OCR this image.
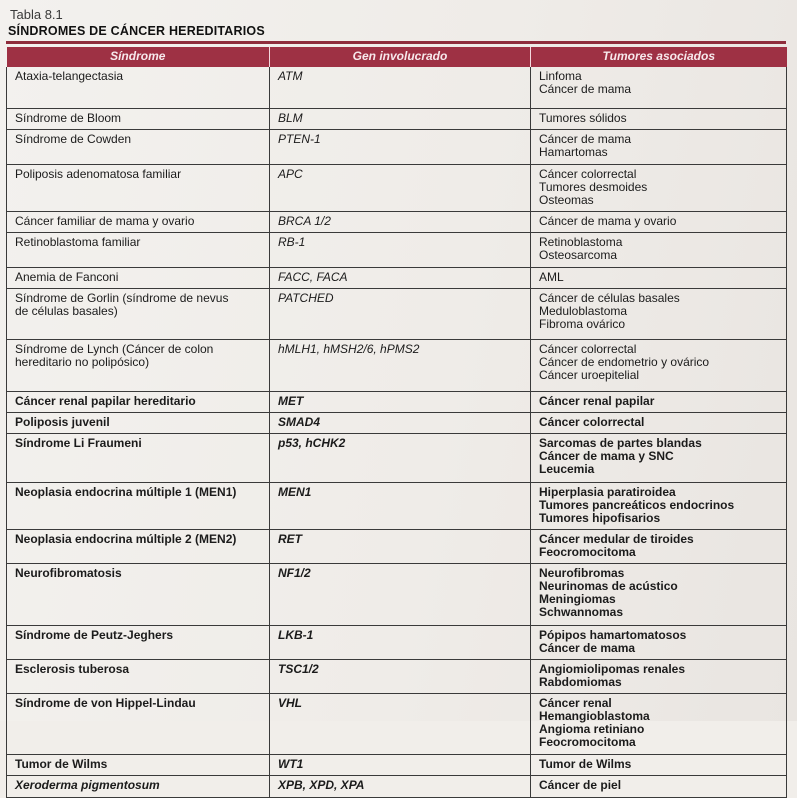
Tabla 8.1
SÍNDROMES DE CÁNCER HEREDITARIOS
Síndrome	Gen involucrado	Tumores asociados
Ataxia-telangectasia	ATM	Linfoma
Cáncer de mama
Síndrome de Bloom	BLM	Tumores sólidos
Síndrome de Cowden	PTEN-1	Cáncer de mama
Hamartomas
Poliposis adenomatosa familiar	APC	Cáncer colorrectal
Tumores desmoides
Osteomas
Cáncer familiar de mama y ovario	BRCA 1/2	Cáncer de mama y ovario
Retinoblastoma familiar	RB-1	Retinoblastoma
Osteosarcoma
Anemia de Fanconi	FACC, FACA	AML
Síndrome de Gorlin (síndrome de nevus
de células basales)	PATCHED	Cáncer de células basales
Meduloblastoma
Fibroma ovárico
Síndrome de Lynch (Cáncer de colon
hereditario no polipósico)	hMLH1, hMSH2/6, hPMS2	Cáncer colorrectal
Cáncer de endometrio y ovárico
Cáncer uroepitelial
Cáncer renal papilar hereditario	MET	Cáncer renal papilar
Poliposis juvenil	SMAD4	Cáncer colorrectal
Síndrome Li Fraumeni	p53, hCHK2	Sarcomas de partes blandas
Cáncer de mama y SNC
Leucemia
Neoplasia endocrina múltiple 1 (MEN1)	MEN1	Hiperplasia paratiroidea
Tumores pancreáticos endocrinos
Tumores hipofisarios
Neoplasia endocrina múltiple 2 (MEN2)	RET	Cáncer medular de tiroides
Feocromocitoma
Neurofibromatosis	NF1/2	Neurofibromas
Neurinomas de acústico
Meningiomas
Schwannomas
Síndrome de Peutz-Jeghers	LKB-1	Pópipos hamartomatosos
Cáncer de mama
Esclerosis tuberosa	TSC1/2	Angiomiolipomas renales
Rabdomiomas
Síndrome de von Hippel-Lindau	VHL	Cáncer renal
Hemangioblastoma
Angioma retiniano
Feocromocitoma
Tumor de Wilms	WT1	Tumor de Wilms
Xeroderma pigmentosum	XPB, XPD, XPA	Cáncer de piel
